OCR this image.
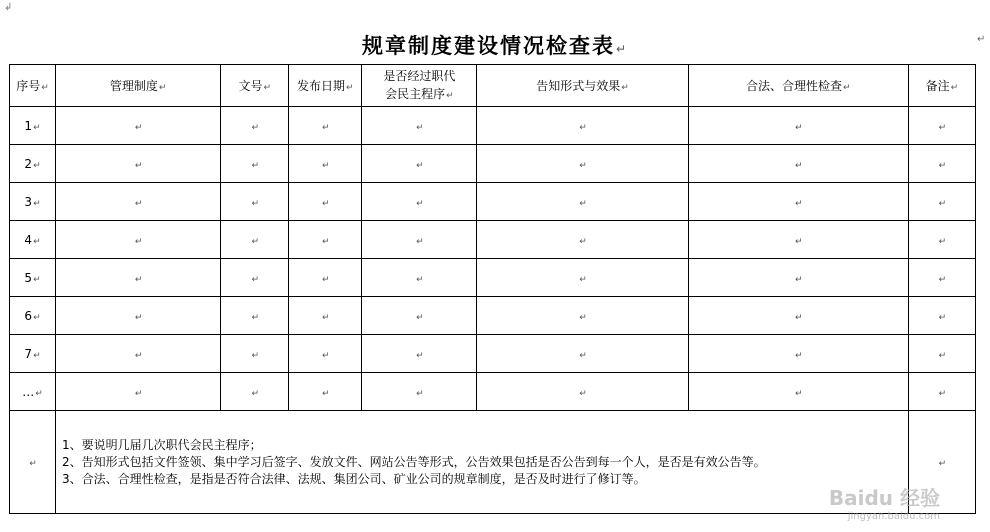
↲
规章制度建设情况检查表↵
↵
序号↵	管理制度↵	文号↵	发布日期↵	是否经过职代
会民主程序↵	告知形式与效果↵	合法、合理性检查↵	备注↵
1↵	↵	↵	↵	↵	↵	↵	↵
2↵	↵	↵	↵	↵	↵	↵	↵
3↵	↵	↵	↵	↵	↵	↵	↵
4↵	↵	↵	↵	↵	↵	↵	↵
5↵	↵	↵	↵	↵	↵	↵	↵
6↵	↵	↵	↵	↵	↵	↵	↵
7↵	↵	↵	↵	↵	↵	↵	↵
…↵	↵	↵	↵	↵	↵	↵	↵
↵	1、要说明几届几次职代会民主程序；
2、告知形式包括文件签领、集中学习后签字、发放文件、网站公告等形式，公告效果包括是否公告到每一个人，是否是有效公告等。
3、合法、合理性检查，是指是否符合法律、法规、集团公司、矿业公司的规章制度，是否及时进行了修订等。						↵
Baidu 经验
jingyan.baidu.com
